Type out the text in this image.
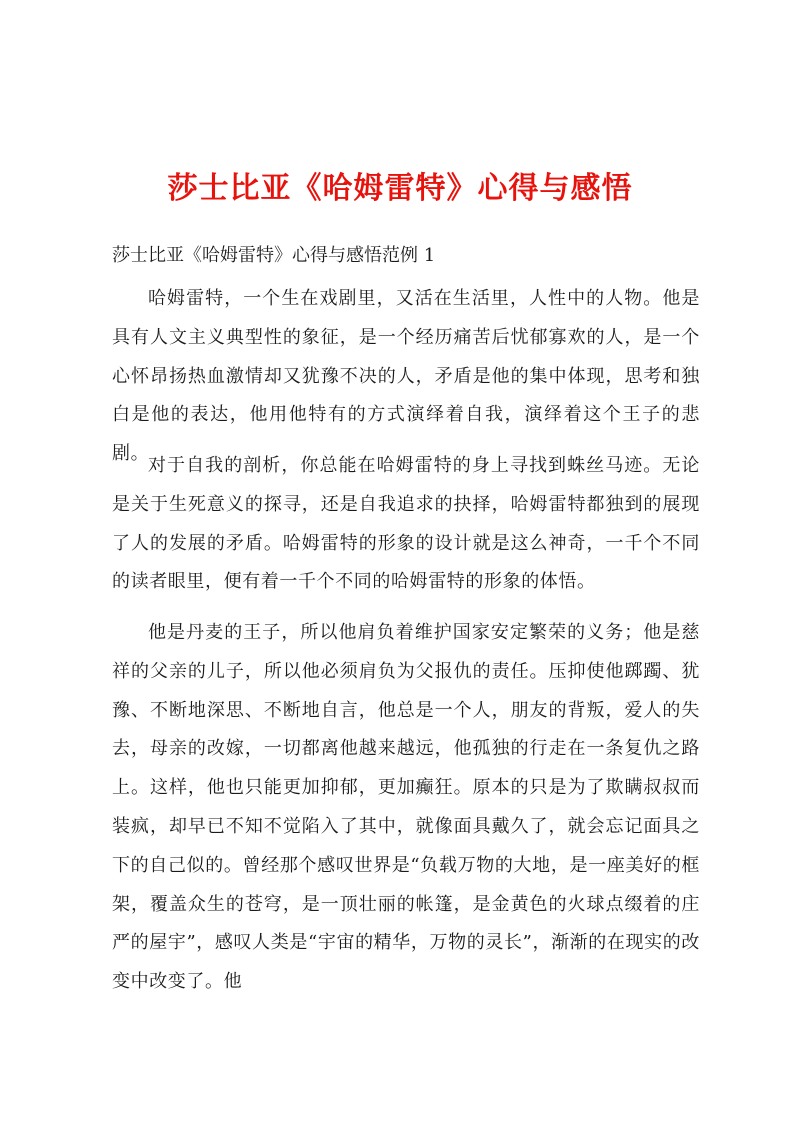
莎士比亚《哈姆雷特》心得与感悟

莎士比亚《哈姆雷特》心得与感悟范例 1

哈姆雷特，一个生在戏剧里，又活在生活里，人性中的人物。他是具有人文主义典型性的象征，是一个经历痛苦后忧郁寡欢的人，是一个心怀昂扬热血激情却又犹豫不决的人，矛盾是他的集中体现，思考和独白是他的表达，他用他特有的方式演绎着自我，演绎着这个王子的悲剧。

对于自我的剖析，你总能在哈姆雷特的身上寻找到蛛丝马迹。无论是关于生死意义的探寻，还是自我追求的抉择，哈姆雷特都独到的展现了人的发展的矛盾。哈姆雷特的形象的设计就是这么神奇，一千个不同的读者眼里，便有着一千个不同的哈姆雷特的形象的体悟。

他是丹麦的王子，所以他肩负着维护国家安定繁荣的义务；他是慈祥的父亲的儿子，所以他必须肩负为父报仇的责任。压抑使他踯躅、犹豫、不断地深思、不断地自言，他总是一个人，朋友的背叛，爱人的失去，母亲的改嫁，一切都离他越来越远，他孤独的行走在一条复仇之路上。这样，他也只能更加抑郁，更加癫狂。原本的只是为了欺瞒叔叔而装疯，却早已不知不觉陷入了其中，就像面具戴久了，就会忘记面具之下的自己似的。曾经那个感叹世界是“负载万物的大地，是一座美好的框架，覆盖众生的苍穹，是一顶壮丽的帐篷，是金黄色的火球点缀着的庄严的屋宇”，感叹人类是“宇宙的精华，万物的灵长”，渐渐的在现实的改变中改变了。他
